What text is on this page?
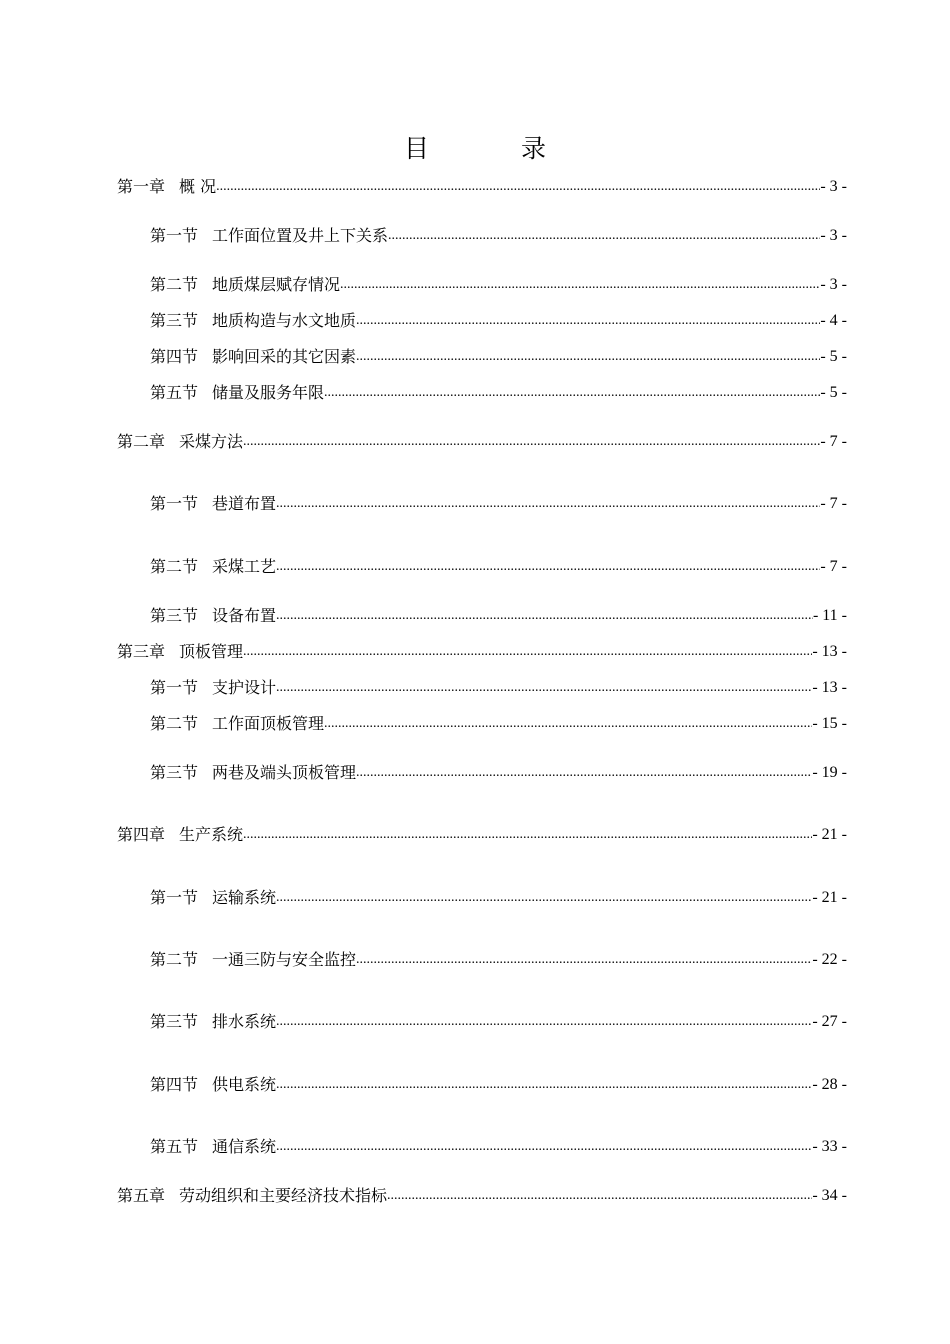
目 录
第一章 概 况 .....	- 3 -
第一节 工作面位置及井上下关系 .....	- 3 -
第二节 地质煤层赋存情况 .....	- 3 -
第三节 地质构造与水文地质 .....	- 4 -
第四节 影响回采的其它因素 .....	- 5 -
第五节 储量及服务年限 .....	- 5 -
第二章 采煤方法 .....	- 7 -
第一节 巷道布置 .....	- 7 -
第二节 采煤工艺 .....	- 7 -
第三节 设备布置 .....	- 11 -
第三章 顶板管理 .....	- 13 -
第一节 支护设计 .....	- 13 -
第二节 工作面顶板管理 .....	- 15 -
第三节 两巷及端头顶板管理 .....	- 19 -
第四章 生产系统 .....	- 21 -
第一节 运输系统 .....	- 21 -
第二节 一通三防与安全监控 .....	- 22 -
第三节 排水系统 .....	- 27 -
第四节 供电系统 .....	- 28 -
第五节 通信系统 .....	- 33 -
第五章 劳动组织和主要经济技术指标 .....	- 34 -
